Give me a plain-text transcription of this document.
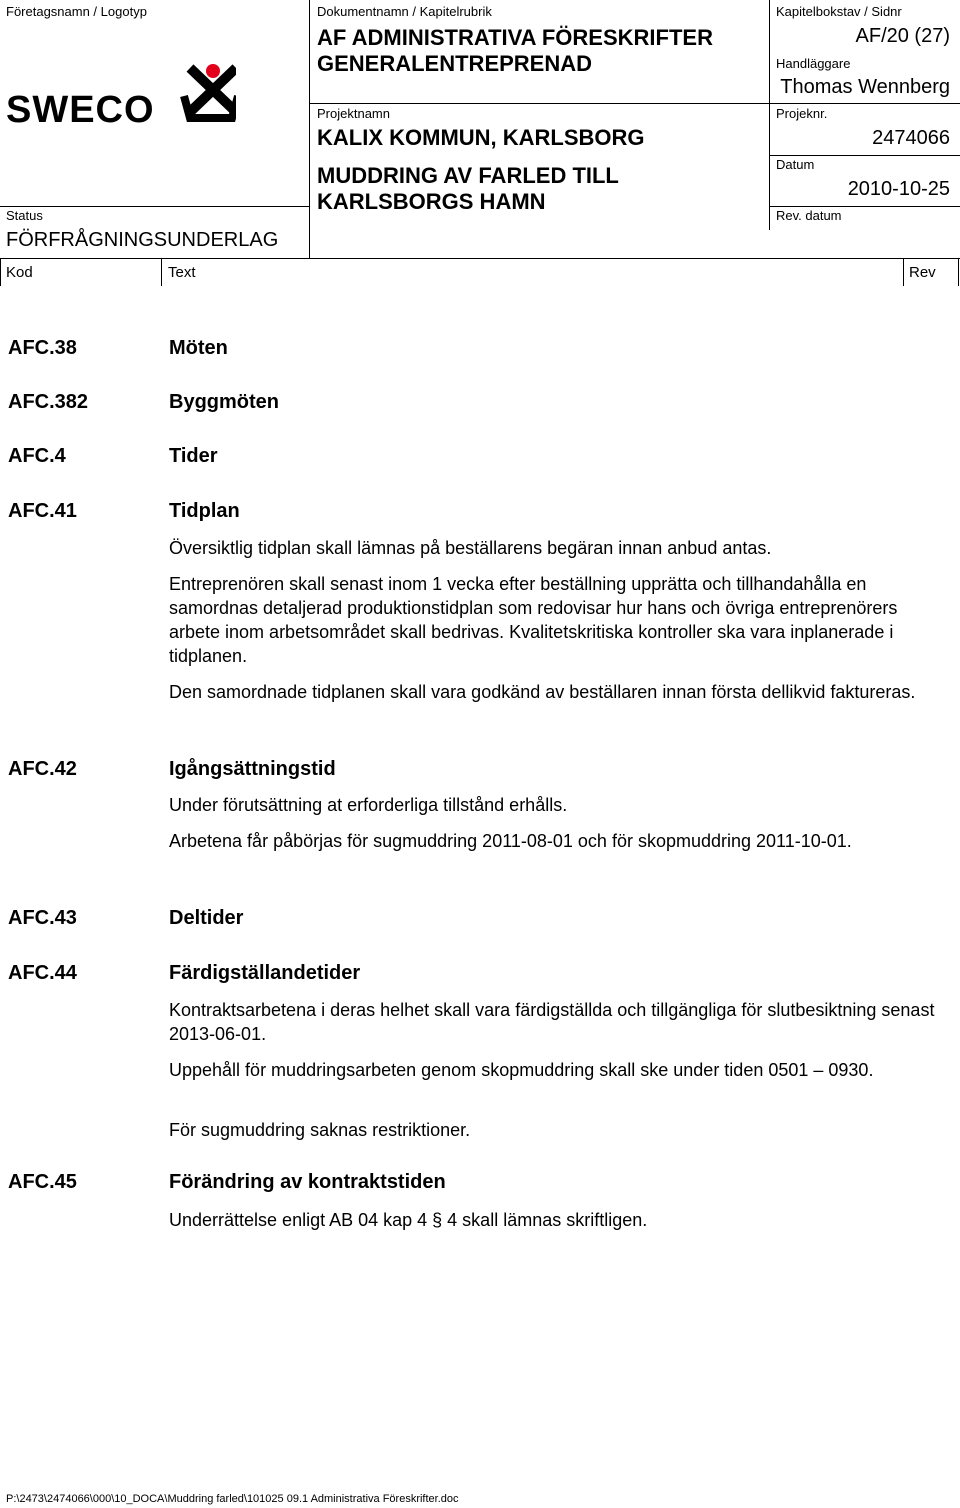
Företagsnamn / Logotyp
SWECO
Dokumentnamn / Kapitelrubrik
AF ADMINISTRATIVA FÖRESKRIFTER
GENERALENTREPRENAD
Kapitelbokstav / Sidnr
AF/20 (27)
Handläggare
Thomas Wennberg
Projektnamn
KALIX KOMMUN, KARLSBORG
MUDDRING AV FARLED TILL
KARLSBORGS HAMN
Projeknr.
2474066
Datum
2010-10-25
Rev. datum
Status
FÖRFRÅGNINGSUNDERLAG
Kod	Text	Rev
AFC.38	Möten
AFC.382	Byggmöten
AFC.4	Tider
AFC.41	Tidplan
Översiktlig tidplan skall lämnas på beställarens begäran innan anbud antas.
Entreprenören skall senast inom 1 vecka efter beställning upprätta och tillhandahålla en samordnas detaljerad produktionstidplan som redovisar hur hans och övriga entreprenörers arbete inom arbetsområdet skall bedrivas. Kvalitetskritiska kontroller ska vara inplanerade i tidplanen.
Den samordnade tidplanen skall vara godkänd av beställaren innan första dellikvid faktureras.
AFC.42	Igångsättningstid
Under förutsättning at erforderliga tillstånd erhålls.
Arbetena får påbörjas för sugmuddring 2011-08-01 och för skopmuddring 2011-10-01.
AFC.43	Deltider
AFC.44	Färdigställandetider
Kontraktsarbetena i deras helhet skall vara färdigställda och tillgängliga för slutbesiktning senast 2013-06-01.
Uppehåll för muddringsarbeten genom skopmuddring skall ske under tiden 0501 – 0930.
För sugmuddring saknas restriktioner.
AFC.45	Förändring av kontraktstiden
Underrättelse enligt AB 04 kap 4 § 4 skall lämnas skriftligen.
P:\2473\2474066\000\10_DOCA\Muddring farled\101025 09.1 Administrativa Föreskrifter.doc
